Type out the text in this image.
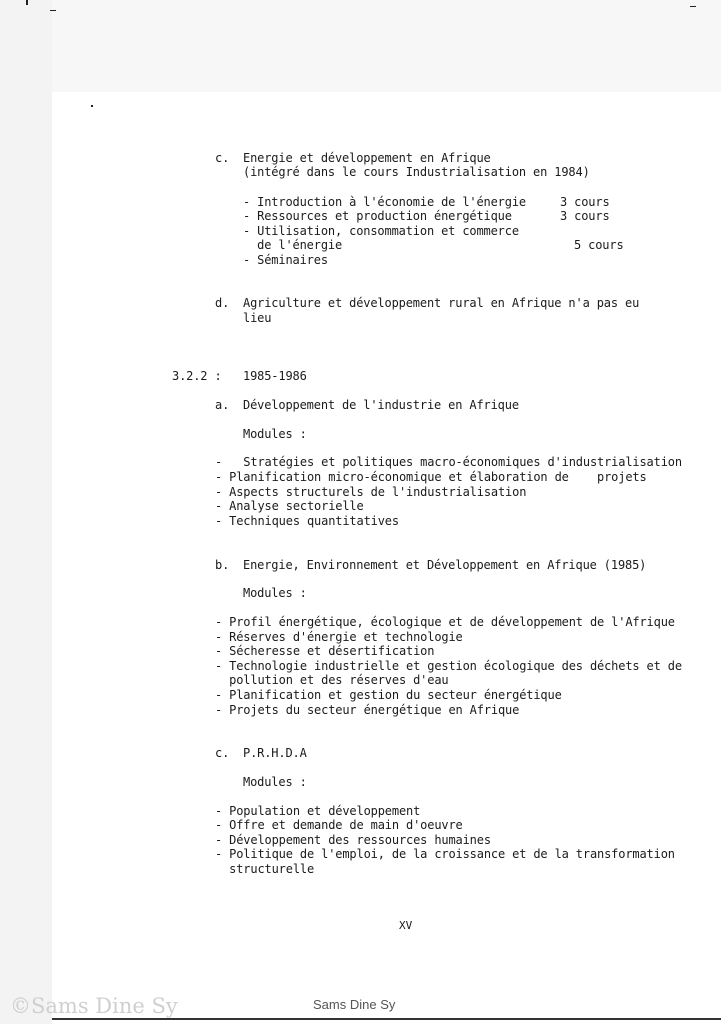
c. Energie et développement en Afrique
(intégré dans le cours Industrialisation en 1984)
- Introduction à l'économie de l'énergie	3 cours
- Ressources et production énergétique	3 cours
- Utilisation, consommation et commerce
de l'énergie	5 cours
- Séminaires
d. Agriculture et développement rural en Afrique n'a pas eu
lieu
3.2.2 : 1985-1986
a. Développement de l'industrie en Afrique
Modules :
-   Stratégies et politiques macro-économiques d'industrialisation
- Planification micro-économique et élaboration de    projets
- Aspects structurels de l'industrialisation
- Analyse sectorielle
- Techniques quantitatives
b. Energie, Environnement et Développement en Afrique (1985)
Modules :
- Profil énergétique, écologique et de développement de l'Afrique
- Réserves d'énergie et technologie
- Sécheresse et désertification
- Technologie industrielle et gestion écologique des déchets et de
pollution et des réserves d'eau
- Planification et gestion du secteur énergétique
- Projets du secteur énergétique en Afrique
c. P.R.H.D.A
Modules :
- Population et développement
- Offre et demande de main d'oeuvre
- Développement des ressources humaines
- Politique de l'emploi, de la croissance et de la transformation
structurelle
XV
©Sams Dine Sy	Sams Dine Sy
